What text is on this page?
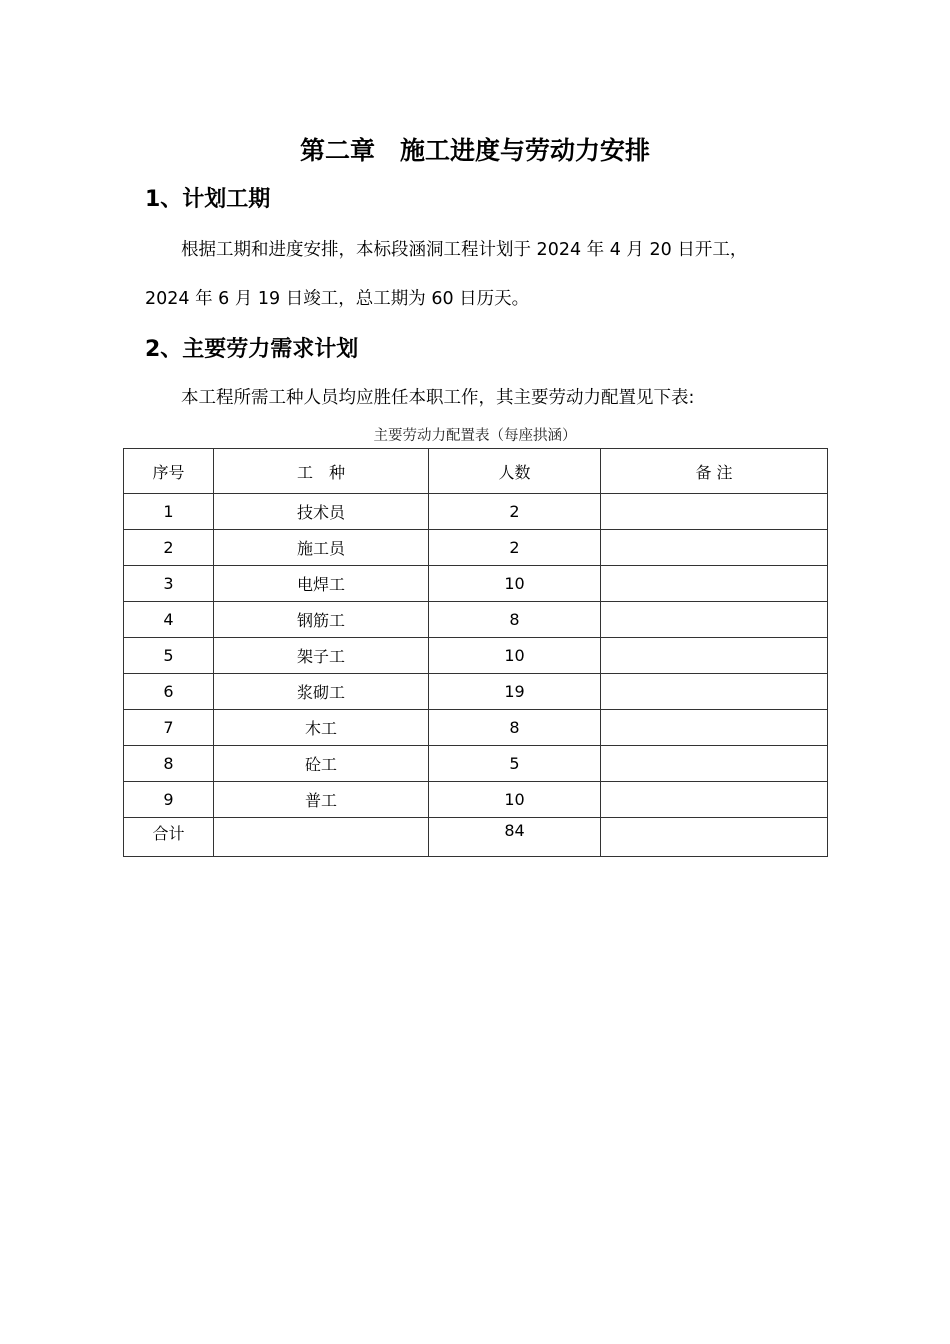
第二章　施工进度与劳动力安排
1、计划工期

根据工期和进度安排，本标段涵洞工程计划于 2024 年 4 月 20 日开工，

2024 年 6 月 19 日竣工，总工期为 60 日历天。

2、主要劳力需求计划

本工程所需工种人员均应胜任本职工作，其主要劳动力配置见下表:

主要劳动力配置表（每座拱涵）

序号	工　种	人数	备 注
1	技术员	2	
2	施工员	2	
3	电焊工	10	
4	钢筋工	8	
5	架子工	10	
6	浆砌工	19	
7	木工	8	
8	砼工	5	
9	普工	10	
合计		84	
